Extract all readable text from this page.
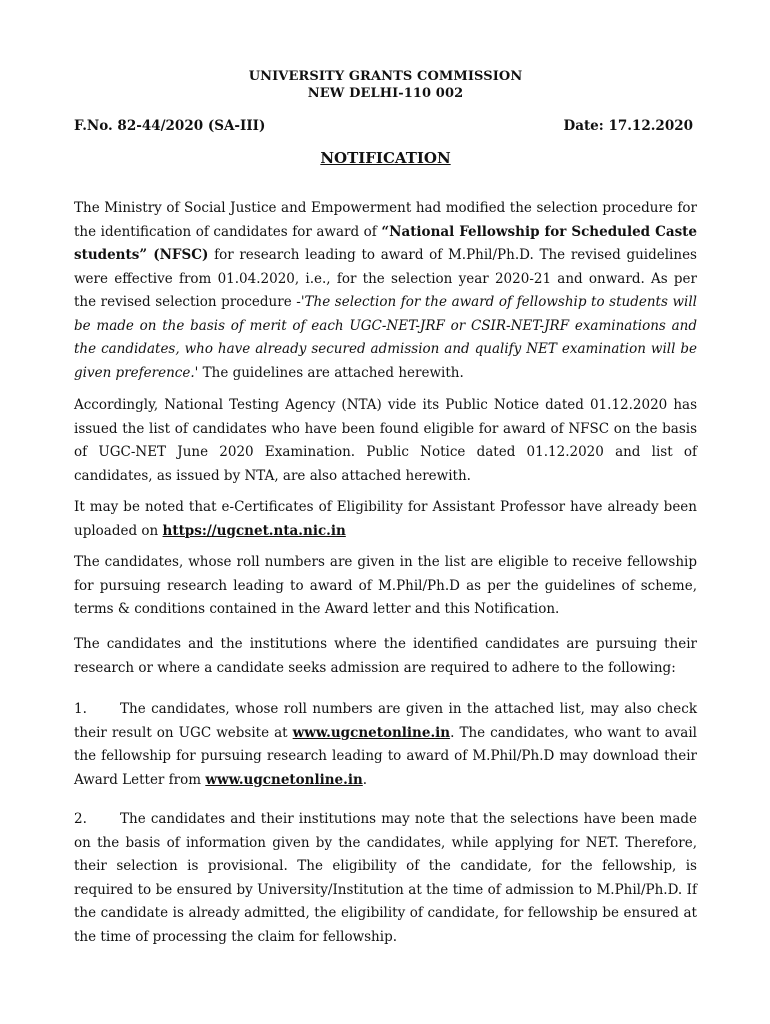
UNIVERSITY GRANTS COMMISSION
NEW DELHI-110 002
F.No. 82-44/2020 (SA-III)	Date: 17.12.2020
NOTIFICATION
The Ministry of Social Justice and Empowerment had modified the selection procedure for the identification of candidates for award of “National Fellowship for Scheduled Caste students” (NFSC) for research leading to award of M.Phil/Ph.D. The revised guidelines were effective from 01.04.2020, i.e., for the selection year 2020-21 and onward. As per the revised selection procedure -'The selection for the award of fellowship to students will be made on the basis of merit of each UGC-NET-JRF or CSIR-NET-JRF examinations and the candidates, who have already secured admission and qualify NET examination will be given preference.' The guidelines are attached herewith.
Accordingly, National Testing Agency (NTA) vide its Public Notice dated 01.12.2020 has issued the list of candidates who have been found eligible for award of NFSC on the basis of UGC-NET June 2020 Examination. Public Notice dated 01.12.2020 and list of candidates, as issued by NTA, are also attached herewith.
It may be noted that e-Certificates of Eligibility for Assistant Professor have already been uploaded on https://ugcnet.nta.nic.in
The candidates, whose roll numbers are given in the list are eligible to receive fellowship for pursuing research leading to award of M.Phil/Ph.D as per the guidelines of scheme, terms & conditions contained in the Award letter and this Notification.
The candidates and the institutions where the identified candidates are pursuing their research or where a candidate seeks admission are required to adhere to the following:
1. The candidates, whose roll numbers are given in the attached list, may also check their result on UGC website at www.ugcnetonline.in. The candidates, who want to avail the fellowship for pursuing research leading to award of M.Phil/Ph.D may download their Award Letter from www.ugcnetonline.in.
2. The candidates and their institutions may note that the selections have been made on the basis of information given by the candidates, while applying for NET. Therefore, their selection is provisional. The eligibility of the candidate, for the fellowship, is required to be ensured by University/Institution at the time of admission to M.Phil/Ph.D. If the candidate is already admitted, the eligibility of candidate, for fellowship be ensured at the time of processing the claim for fellowship.
